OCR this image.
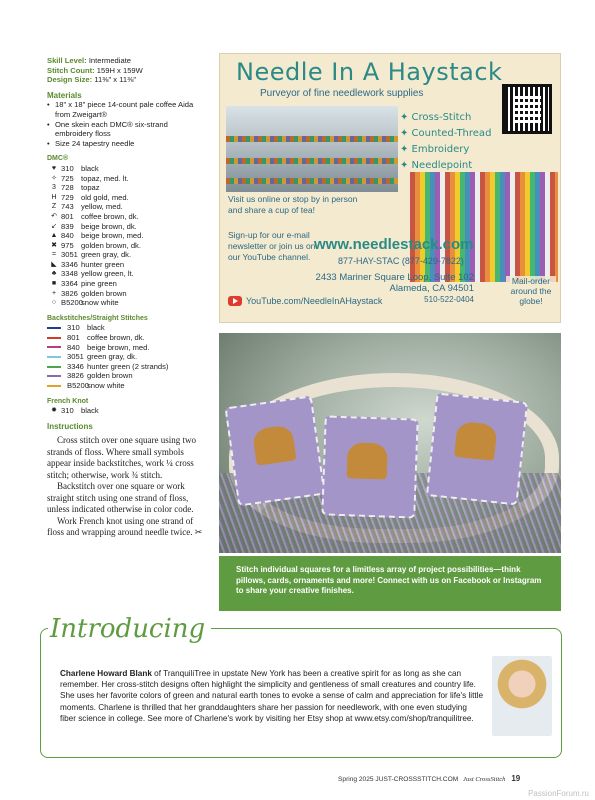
Skill Level: Intermediate
Stitch Count: 159H x 159W
Design Size: 11⅜" x 11⅜"
Materials
• 18" x 18" piece 14-count pale coffee Aida from Zweigart®
• One skein each DMC® six-strand embroidery floss
• Size 24 tapestry needle
DMC®
♥ 310 black
✧ 725 topaz, med. lt.
3 728 topaz
H 729 old gold, med.
Z 743 yellow, med.
↶ 801 coffee brown, dk.
↙ 839 beige brown, dk.
▲ 840 beige brown, med.
✖ 975 golden brown, dk.
= 3051 green gray, dk.
◣ 3346 hunter green
♣ 3348 yellow green, lt.
■ 3364 pine green
+ 3826 golden brown
○ B5200
snow white
Backstitches/Straight Stitches
310 black
801 coffee brown, dk.
840 beige brown, med.
3051 green gray, dk.
3346 hunter green (2 strands)
3826 golden brown
B5200
snow white
French Knot
✹ 310 black
Instructions

Cross stitch over one square using two strands of floss. Where small symbols appear inside backstitches, work ¼ cross stitch; otherwise, work ¾ stitch.

Backstitch over one square or work straight stitch using one strand of floss, unless indicated otherwise in color code.

Work French knot using one strand of floss and wrapping around needle twice. ✂

Needle In A Haystack
Purveyor of fine needlework supplies
✦ Cross-Stitch
✦ Counted-Thread
✦ Embroidery
✦ Needlepoint
Visit us online or stop by in person and share a cup of tea!
Sign-up for our e-mail newsletter or join us on our YouTube channel.
www.needlestack.com
877-HAY-STAC (877-429-7822)
2433 Mariner Square Loop, Suite 102
Alameda, CA 94501
510-522-0404
Mail-order around the globe!
YouTube.com/NeedleInAHaystack
Stitch individual squares for a limitless array of project possibilities—think pillows, cards, ornaments and more! Connect with us on Facebook or Instagram to share your creative finishes.
Introducing
Charlene Howard Blank of TranquiliTree in upstate New York has been a creative spirit for as long as she can remember. Her cross-stitch designs often highlight the simplicity and gentleness of small creatures and country life. She uses her favorite colors of green and natural earth tones to evoke a sense of calm and appreciation for life's little moments. Charlene is thrilled that her granddaughters share her passion for needlework, with one even studying fiber science in college. See more of Charlene's work by visiting her Etsy shop at www.etsy.com/shop/tranquilitree.
Spring 2025 JUST-CROSSSTITCH.COM Just CrossStitch 19
PassionForum.ru
